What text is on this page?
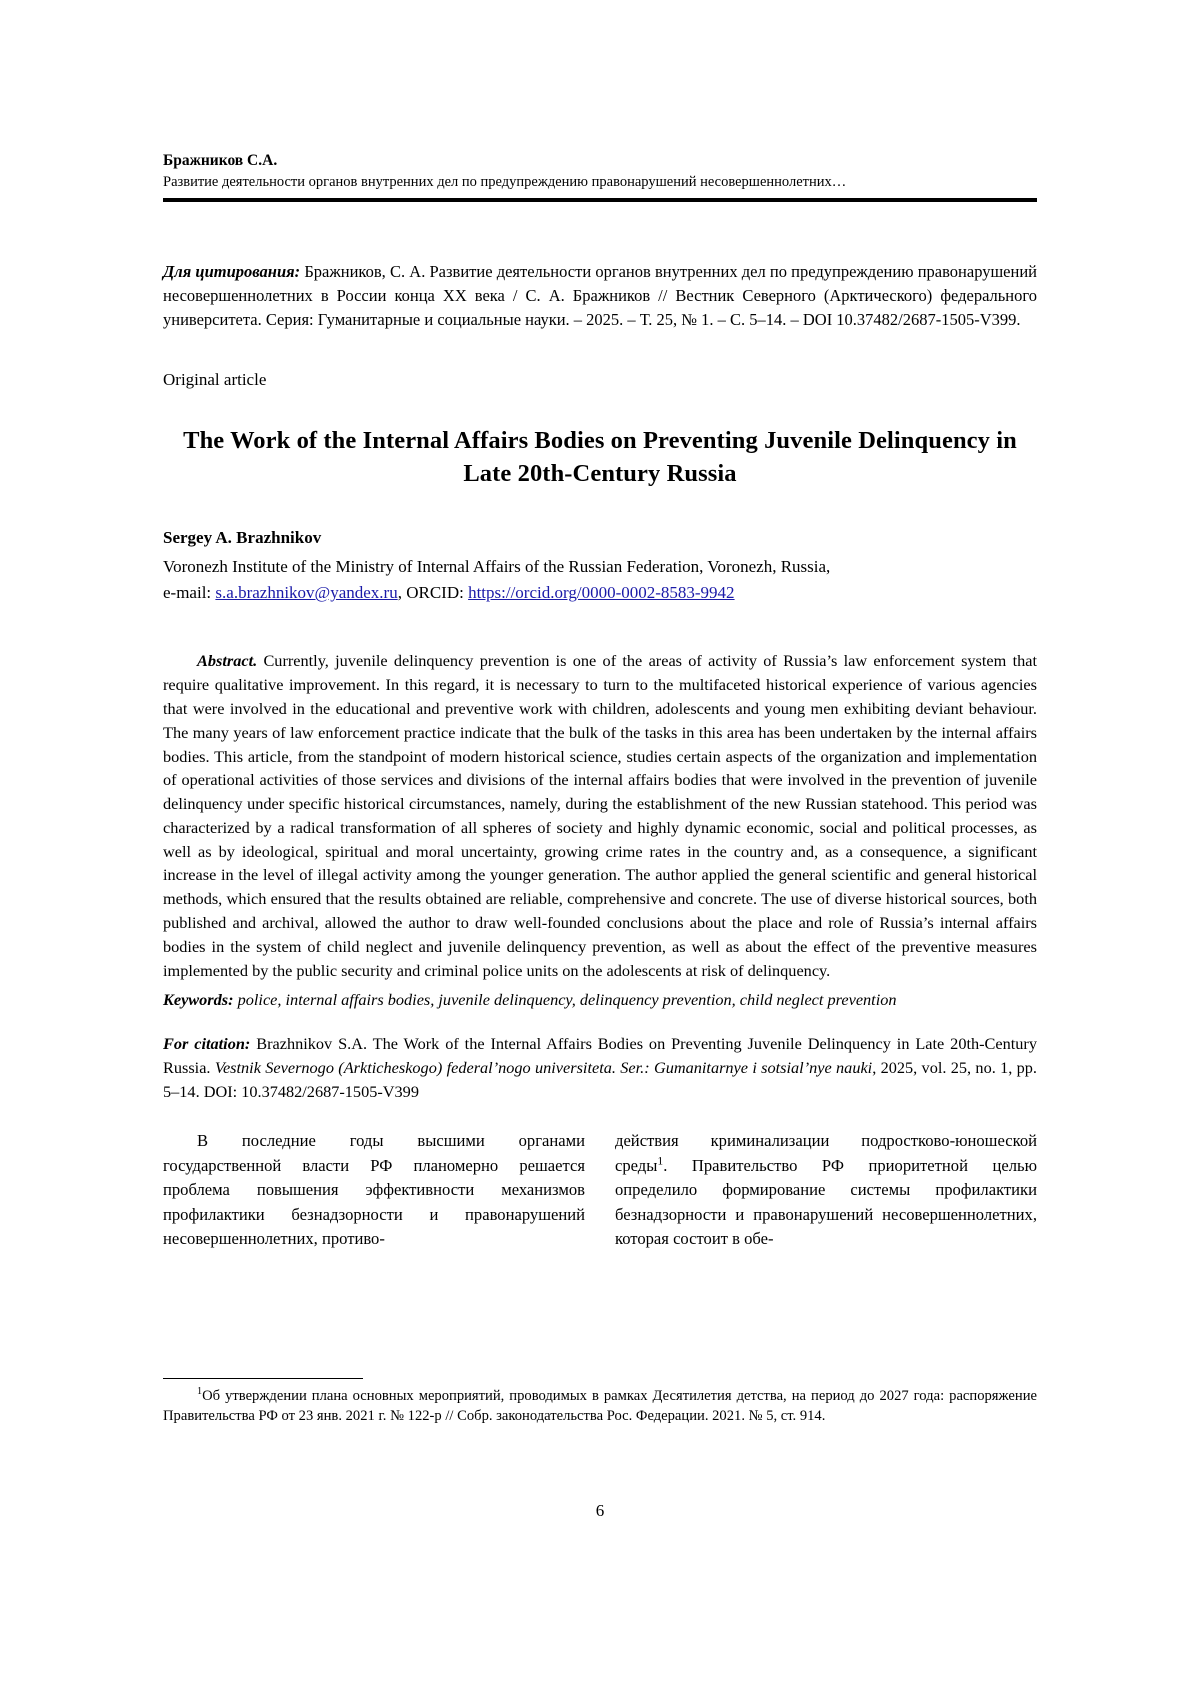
Бражников С.А.
Развитие деятельности органов внутренних дел по предупреждению правонарушений несовершеннолетних…
Для цитирования: Бражников, С. А. Развитие деятельности органов внутренних дел по предупреждению правонарушений несовершеннолетних в России конца XX века / С. А. Бражников // Вестник Северного (Арктического) федерального университета. Серия: Гуманитарные и социальные науки. – 2025. – Т. 25, № 1. – С. 5–14. – DOI 10.37482/2687-1505-V399.
Original article
The Work of the Internal Affairs Bodies on Preventing Juvenile Delinquency in Late 20th-Century Russia
Sergey A. Brazhnikov
Voronezh Institute of the Ministry of Internal Affairs of the Russian Federation, Voronezh, Russia,
e-mail: s.a.brazhnikov@yandex.ru, ORCID: https://orcid.org/0000-0002-8583-9942
Abstract. Currently, juvenile delinquency prevention is one of the areas of activity of Russia’s law enforcement system that require qualitative improvement. In this regard, it is necessary to turn to the multifaceted historical experience of various agencies that were involved in the educational and preventive work with children, adolescents and young men exhibiting deviant behaviour. The many years of law enforcement practice indicate that the bulk of the tasks in this area has been undertaken by the internal affairs bodies. This article, from the standpoint of modern historical science, studies certain aspects of the organization and implementation of operational activities of those services and divisions of the internal affairs bodies that were involved in the prevention of juvenile delinquency under specific historical circumstances, namely, during the establishment of the new Russian statehood. This period was characterized by a radical transformation of all spheres of society and highly dynamic economic, social and political processes, as well as by ideological, spiritual and moral uncertainty, growing crime rates in the country and, as a consequence, a significant increase in the level of illegal activity among the younger generation. The author applied the general scientific and general historical methods, which ensured that the results obtained are reliable, comprehensive and concrete. The use of diverse historical sources, both published and archival, allowed the author to draw well-founded conclusions about the place and role of Russia’s internal affairs bodies in the system of child neglect and juvenile delinquency prevention, as well as about the effect of the preventive measures implemented by the public security and criminal police units on the adolescents at risk of delinquency.
Keywords: police, internal affairs bodies, juvenile delinquency, delinquency prevention, child neglect prevention
For citation: Brazhnikov S.A. The Work of the Internal Affairs Bodies on Preventing Juvenile Delinquency in Late 20th-Century Russia. Vestnik Severnogo (Arkticheskogo) federal’nogo universiteta. Ser.: Gumanitarnye i sotsial’nye nauki, 2025, vol. 25, no. 1, pp. 5–14. DOI: 10.37482/2687-1505-V399

В последние годы высшими органами государственной власти РФ планомерно решается проблема повышения эффективности механизмов профилактики безнадзорности и правонарушений несовершеннолетних, противо-

действия криминализации подростково-юношеской среды$^1$. Правительство РФ приоритетной целью определило формирование системы профилактики безнадзорности и правонарушений несовершеннолетних, которая состоит в обе-

$^1$Об утверждении плана основных мероприятий, проводимых в рамках Десятилетия детства, на период до 2027 года: распоряжение Правительства РФ от 23 янв. 2021 г. № 122-р // Собр. законодательства Рос. Федерации. 2021. № 5, ст. 914.
6
